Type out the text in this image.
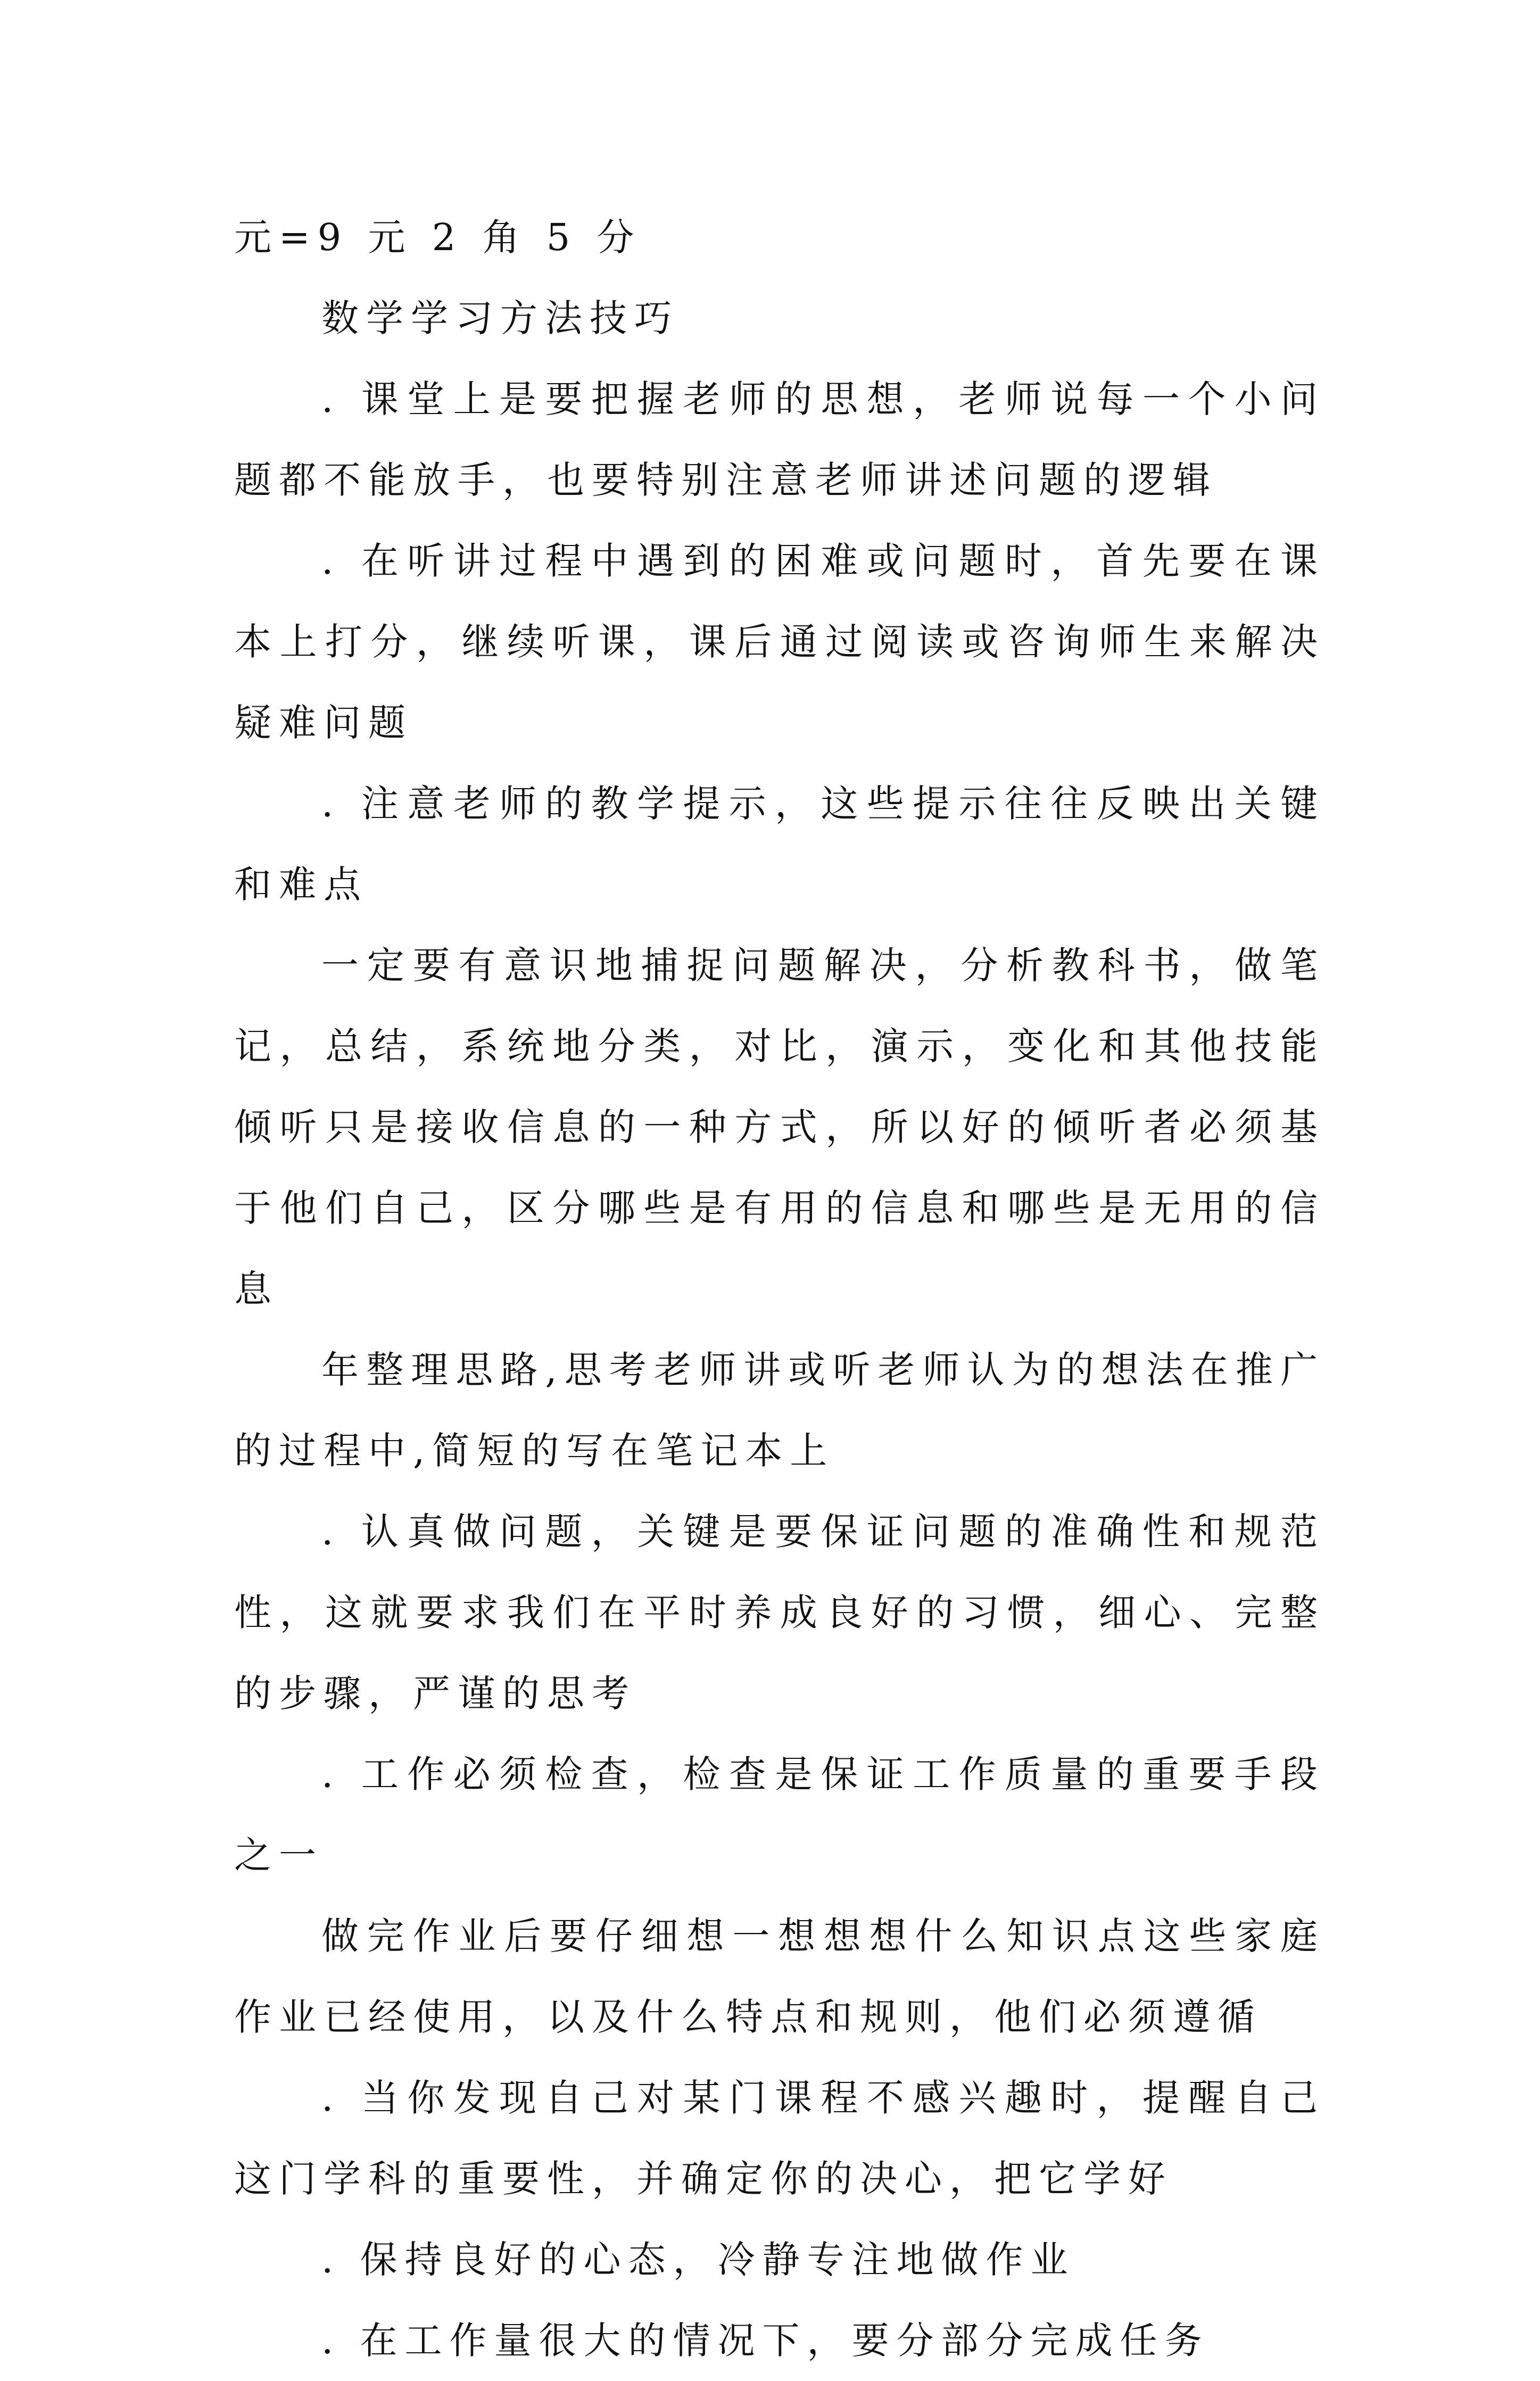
元=9 元 2 角 5 分

数学学习方法技巧

. 课堂上是要把握老师的思想，老师说每一个小问题都不能放手，也要特别注意老师讲述问题的逻辑

. 在听讲过程中遇到的困难或问题时，首先要在课本上打分，继续听课，课后通过阅读或咨询师生来解决疑难问题

. 注意老师的教学提示，这些提示往往反映出关键和难点

一定要有意识地捕捉问题解决，分析教科书，做笔记，总结，系统地分类，对比，演示，变化和其他技能倾听只是接收信息的一种方式，所以好的倾听者必须基于他们自己，区分哪些是有用的信息和哪些是无用的信息

年整理思路,思考老师讲或听老师认为的想法在推广的过程中,简短的写在笔记本上

. 认真做问题，关键是要保证问题的准确性和规范性，这就要求我们在平时养成良好的习惯，细心、完整的步骤，严谨的思考

. 工作必须检查，检查是保证工作质量的重要手段之一

做完作业后要仔细想一想想想什么知识点这些家庭作业已经使用，以及什么特点和规则，他们必须遵循

. 当你发现自己对某门课程不感兴趣时，提醒自己这门学科的重要性，并确定你的决心，把它学好

. 保持良好的心态，冷静专注地做作业

. 在工作量很大的情况下，要分部分完成任务
